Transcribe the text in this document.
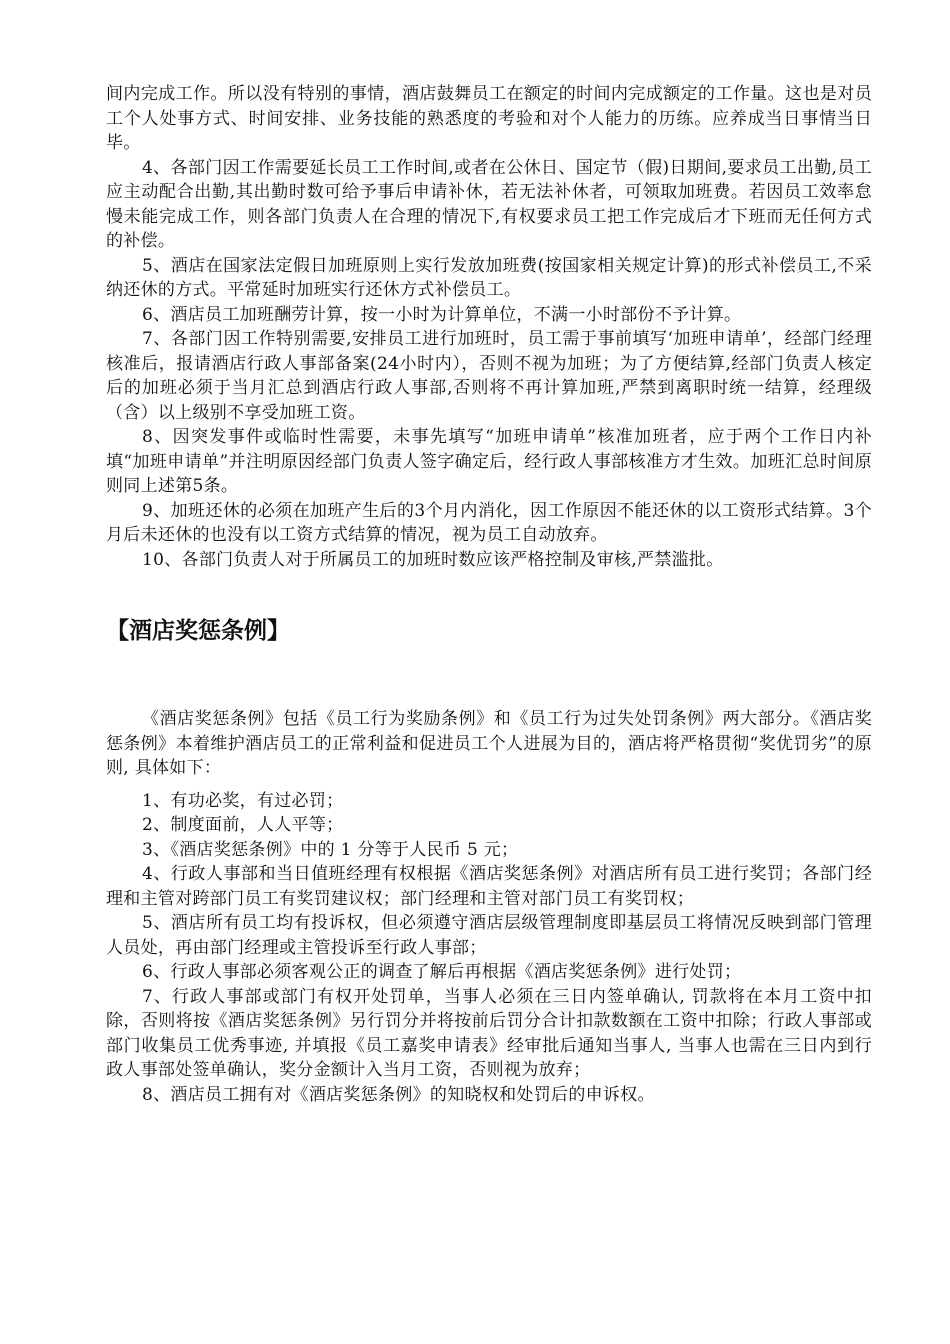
间内完成工作。所以没有特别的事情，酒店鼓舞员工在额定的时间内完成额定的工作量。这也是对员工个人处事方式、时间安排、业务技能的熟悉度的考验和对个人能力的历练。应养成当日事情当日毕。

4、各部门因工作需要延长员工工作时间,或者在公休日、国定节（假)日期间,要求员工出勤,员工应主动配合出勤,其出勤时数可给予事后申请补休，若无法补休者，可领取加班费。若因员工效率怠慢未能完成工作，则各部门负责人在合理的情况下,有权要求员工把工作完成后才下班而无任何方式的补偿。

5、酒店在国家法定假日加班原则上实行发放加班费(按国家相关规定计算)的形式补偿员工,不采纳还休的方式。平常延时加班实行还休方式补偿员工。

6、酒店员工加班酬劳计算，按一小时为计算单位，不满一小时部份不予计算。

7、各部门因工作特别需要,安排员工进行加班时，员工需于事前填写‘加班申请单’，经部门经理核准后，报请酒店行政人事部备案(24小时内），否则不视为加班；为了方便结算,经部门负责人核定后的加班必须于当月汇总到酒店行政人事部,否则将不再计算加班,严禁到离职时统一结算，经理级（含）以上级别不享受加班工资。

8、因突发事件或临时性需要，未事先填写“加班申请单”核准加班者，应于两个工作日内补填“加班申请单”并注明原因经部门负责人签字确定后，经行政人事部核准方才生效。加班汇总时间原则同上述第5条。

9、加班还休的必须在加班产生后的3个月内消化，因工作原因不能还休的以工资形式结算。3个月后未还休的也没有以工资方式结算的情况，视为员工自动放弃。

10、各部门负责人对于所属员工的加班时数应该严格控制及审核,严禁滥批。

【酒店奖惩条例】

《酒店奖惩条例》包括《员工行为奖励条例》和《员工行为过失处罚条例》两大部分。《酒店奖惩条例》本着维护酒店员工的正常利益和促进员工个人进展为目的，酒店将严格贯彻“奖优罚劣”的原则, 具体如下：

1、有功必奖，有过必罚；

2、制度面前，人人平等；

3、《酒店奖惩条例》中的 1 分等于人民币 5 元；

4、行政人事部和当日值班经理有权根据《酒店奖惩条例》对酒店所有员工进行奖罚；各部门经理和主管对跨部门员工有奖罚建议权；部门经理和主管对部门员工有奖罚权；

5、酒店所有员工均有投诉权，但必须遵守酒店层级管理制度即基层员工将情况反映到部门管理人员处，再由部门经理或主管投诉至行政人事部；

6、行政人事部必须客观公正的调查了解后再根据《酒店奖惩条例》进行处罚；

7、行政人事部或部门有权开处罚单，当事人必须在三日内签单确认, 罚款将在本月工资中扣除，否则将按《酒店奖惩条例》另行罚分并将按前后罚分合计扣款数额在工资中扣除；行政人事部或部门收集员工优秀事迹, 并填报《员工嘉奖申请表》经审批后通知当事人, 当事人也需在三日内到行政人事部处签单确认，奖分金额计入当月工资，否则视为放弃；

8、酒店员工拥有对《酒店奖惩条例》的知晓权和处罚后的申诉权。
